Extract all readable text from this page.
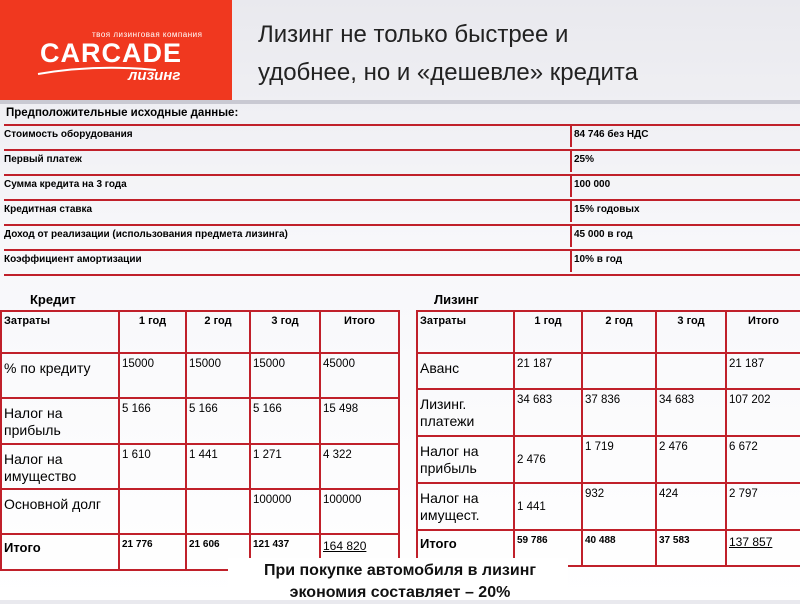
твоя лизинговая компания
CARCADE
лизинг
Лизинг не только быстрее и
удобнее, но и «дешевле» кредита
Предположительные исходные данные:
Стоимость оборудования	84 746 без НДС
Первый платеж	25%
Сумма кредита на 3 года	100 000
Кредитная ставка	15% годовых
Доход от реализации (использования предмета лизинга)	45 000 в год
Коэффициент амортизации	10% в год
Кредит
Затраты	1 год	2 год	3 год	Итого
% по кредиту	15000	15000	15000	45000
Налог на прибыль	5 166	5 166	5 166	15 498
Налог на имущество	1 610	1 441	1 271	4 322
Основной долг			100000	100000
Итого	21 776	21 606	121 437	164 820
Лизинг
Затраты	1 год	2 год	3 год	Итого
Аванс	21 187			21 187
Лизинг. платежи	34 683	37 836	34 683	107 202
Налог на прибыль	2 476	1 719	2 476	6 672
Налог на имущест.	1 441	932	424	2 797
Итого	59 786	40 488	37 583	137 857
При покупке автомобиля в лизинг
экономия составляет – 20%
